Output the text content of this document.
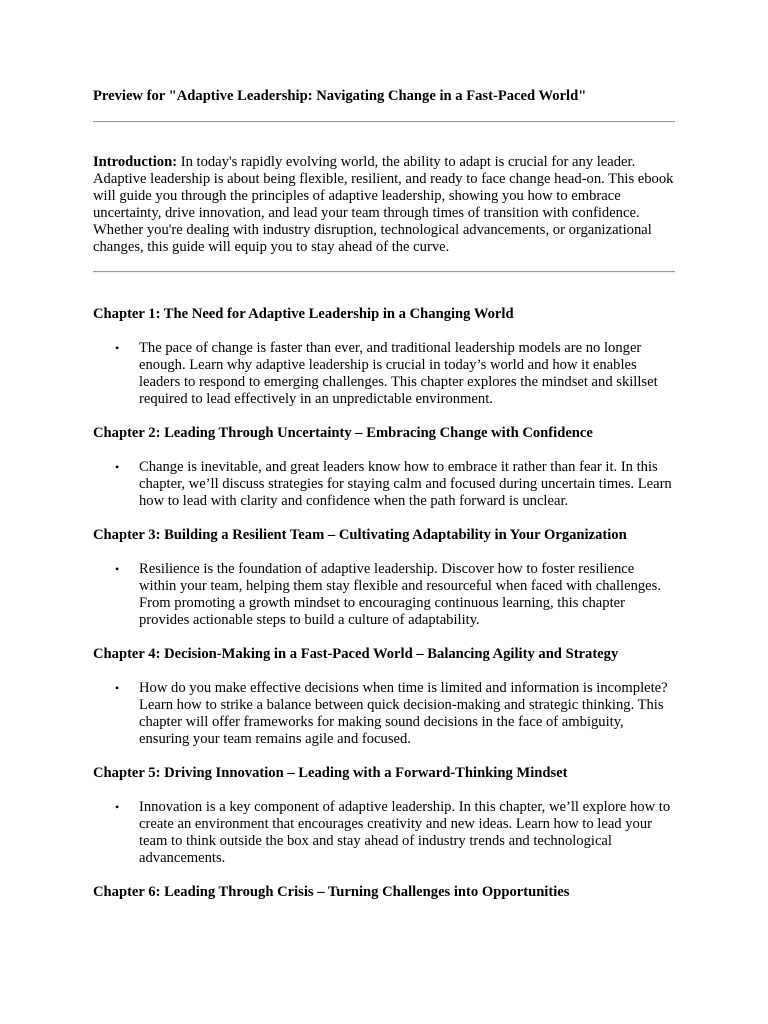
Preview for "Adaptive Leadership: Navigating Change in a Fast-Paced World"
Introduction: In today's rapidly evolving world, the ability to adapt is crucial for any leader. Adaptive leadership is about being flexible, resilient, and ready to face change head-on. This ebook will guide you through the principles of adaptive leadership, showing you how to embrace uncertainty, drive innovation, and lead your team through times of transition with confidence. Whether you're dealing with industry disruption, technological advancements, or organizational changes, this guide will equip you to stay ahead of the curve.

Chapter 1: The Need for Adaptive Leadership in a Changing World

• The pace of change is faster than ever, and traditional leadership models are no longer enough. Learn why adaptive leadership is crucial in today’s world and how it enables leaders to respond to emerging challenges. This chapter explores the mindset and skillset required to lead effectively in an unpredictable environment.

Chapter 2: Leading Through Uncertainty – Embracing Change with Confidence

• Change is inevitable, and great leaders know how to embrace it rather than fear it. In this chapter, we’ll discuss strategies for staying calm and focused during uncertain times. Learn how to lead with clarity and confidence when the path forward is unclear.

Chapter 3: Building a Resilient Team – Cultivating Adaptability in Your Organization

• Resilience is the foundation of adaptive leadership. Discover how to foster resilience within your team, helping them stay flexible and resourceful when faced with challenges. From promoting a growth mindset to encouraging continuous learning, this chapter provides actionable steps to build a culture of adaptability.

Chapter 4: Decision-Making in a Fast-Paced World – Balancing Agility and Strategy

• How do you make effective decisions when time is limited and information is incomplete? Learn how to strike a balance between quick decision-making and strategic thinking. This chapter will offer frameworks for making sound decisions in the face of ambiguity, ensuring your team remains agile and focused.

Chapter 5: Driving Innovation – Leading with a Forward-Thinking Mindset

• Innovation is a key component of adaptive leadership. In this chapter, we’ll explore how to create an environment that encourages creativity and new ideas. Learn how to lead your team to think outside the box and stay ahead of industry trends and technological advancements.

Chapter 6: Leading Through Crisis – Turning Challenges into Opportunities
